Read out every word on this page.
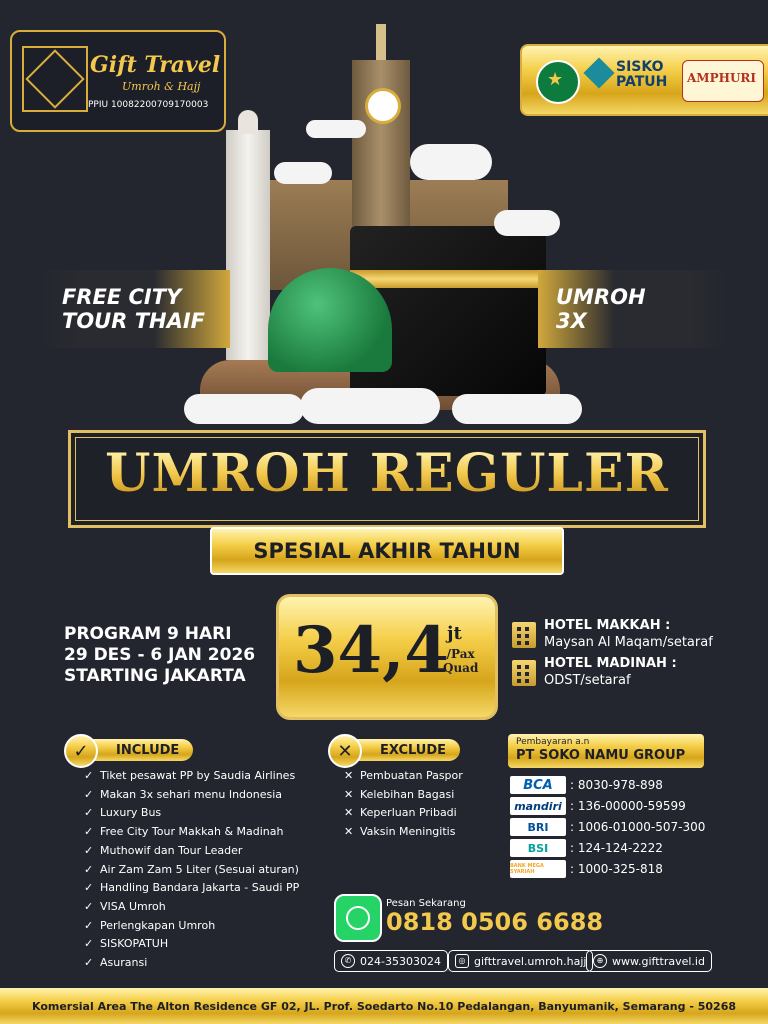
Gift Travel
Umroh & Hajj
PPIU 10082200709170003
★
SISKO
PATUH AMPHURI
FREE CITY TOUR THAIF
UMROH 3X
UMROH REGULER
SPESIAL AKHIR TAHUN
PROGRAM 9 HARI
29 DES - 6 JAN 2026
STARTING JAKARTA 34,4
jt
/Pax
Quad
HOTEL MAKKAH :
Maysan Al Maqam/setaraf
HOTEL MADINAH :
ODST/setaraf
INCLUDE
✓
✓ Tiket pesawat PP by Saudia Airlines
✓ Makan 3x sehari menu Indonesia
✓ Luxury Bus
✓ Free City Tour Makkah & Madinah
✓ Muthowif dan Tour Leader
✓ Air Zam Zam 5 Liter (Sesuai aturan)
✓ Handling Bandara Jakarta - Saudi PP
✓ VISA Umroh
✓ Perlengkapan Umroh
✓ SISKOPATUH
✓ Asuransi
EXCLUDE
✕
✕ Pembuatan Paspor
✕ Kelebihan Bagasi
✕ Keperluan Pribadi
✕ Vaksin Meningitis
Pembayaran a.n
PT SOKO NAMU GROUP
BCA	: 8030-978-898
mandiri : 136-00000-59599
BRI	: 1006-01000-507-300
BSI	: 124-124-2222
BANK MEGA SYARIAH	: 1000-325-818
Pesan Sekarang
0818 0506 6688
✆ 024-35303024	◎ gifttravel.umroh.hajj	⊕ www.gifttravel.id
Komersial Area The Alton Residence GF 02, JL. Prof. Soedarto No.10 Pedalangan, Banyumanik, Semarang - 50268
